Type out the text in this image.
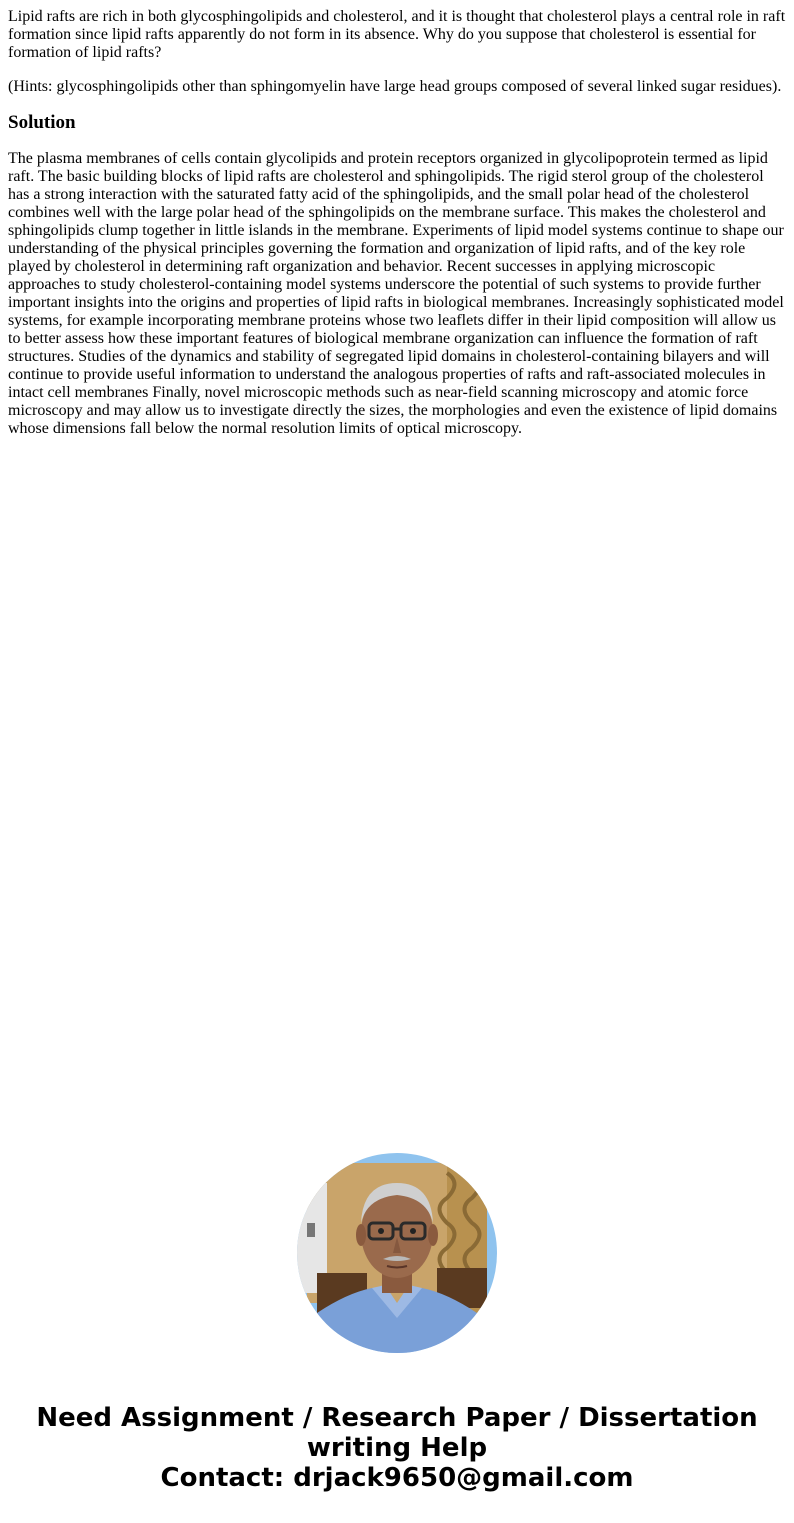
Lipid rafts are rich in both glycosphingolipids and cholesterol, and it is thought that cholesterol plays a central role in raft formation since lipid rafts apparently do not form in its absence. Why do you suppose that cholesterol is essential for formation of lipid rafts?

(Hints: glycosphingolipids other than sphingomyelin have large head groups composed of several linked sugar residues).

Solution

The plasma membranes of cells contain glycolipids and protein receptors organized in glycolipoprotein termed as lipid raft. The basic building blocks of lipid rafts are cholesterol and sphingolipids. The rigid sterol group of the cholesterol has a strong interaction with the saturated fatty acid of the sphingolipids, and the small polar head of the cholesterol combines well with the large polar head of the sphingolipids on the membrane surface. This makes the cholesterol and sphingolipids clump together in little islands in the membrane. Experiments of lipid model systems continue to shape our understanding of the physical principles governing the formation and organization of lipid rafts, and of the key role played by cholesterol in determining raft organization and behavior. Recent successes in applying microscopic approaches to study cholesterol-containing model systems underscore the potential of such systems to provide further important insights into the origins and properties of lipid rafts in biological membranes. Increasingly sophisticated model systems, for example incorporating membrane proteins whose two leaflets differ in their lipid composition will allow us to better assess how these important features of biological membrane organization can influence the formation of raft structures. Studies of the dynamics and stability of segregated lipid domains in cholesterol-containing bilayers and will continue to provide useful information to understand the analogous properties of rafts and raft-associated molecules in intact cell membranes Finally, novel microscopic methods such as near-field scanning microscopy and atomic force microscopy and may allow us to investigate directly the sizes, the morphologies and even the existence of lipid domains whose dimensions fall below the normal resolution limits of optical microscopy.

Need Assignment / Research Paper / Dissertation
writing Help
Contact: drjack9650@gmail.com
